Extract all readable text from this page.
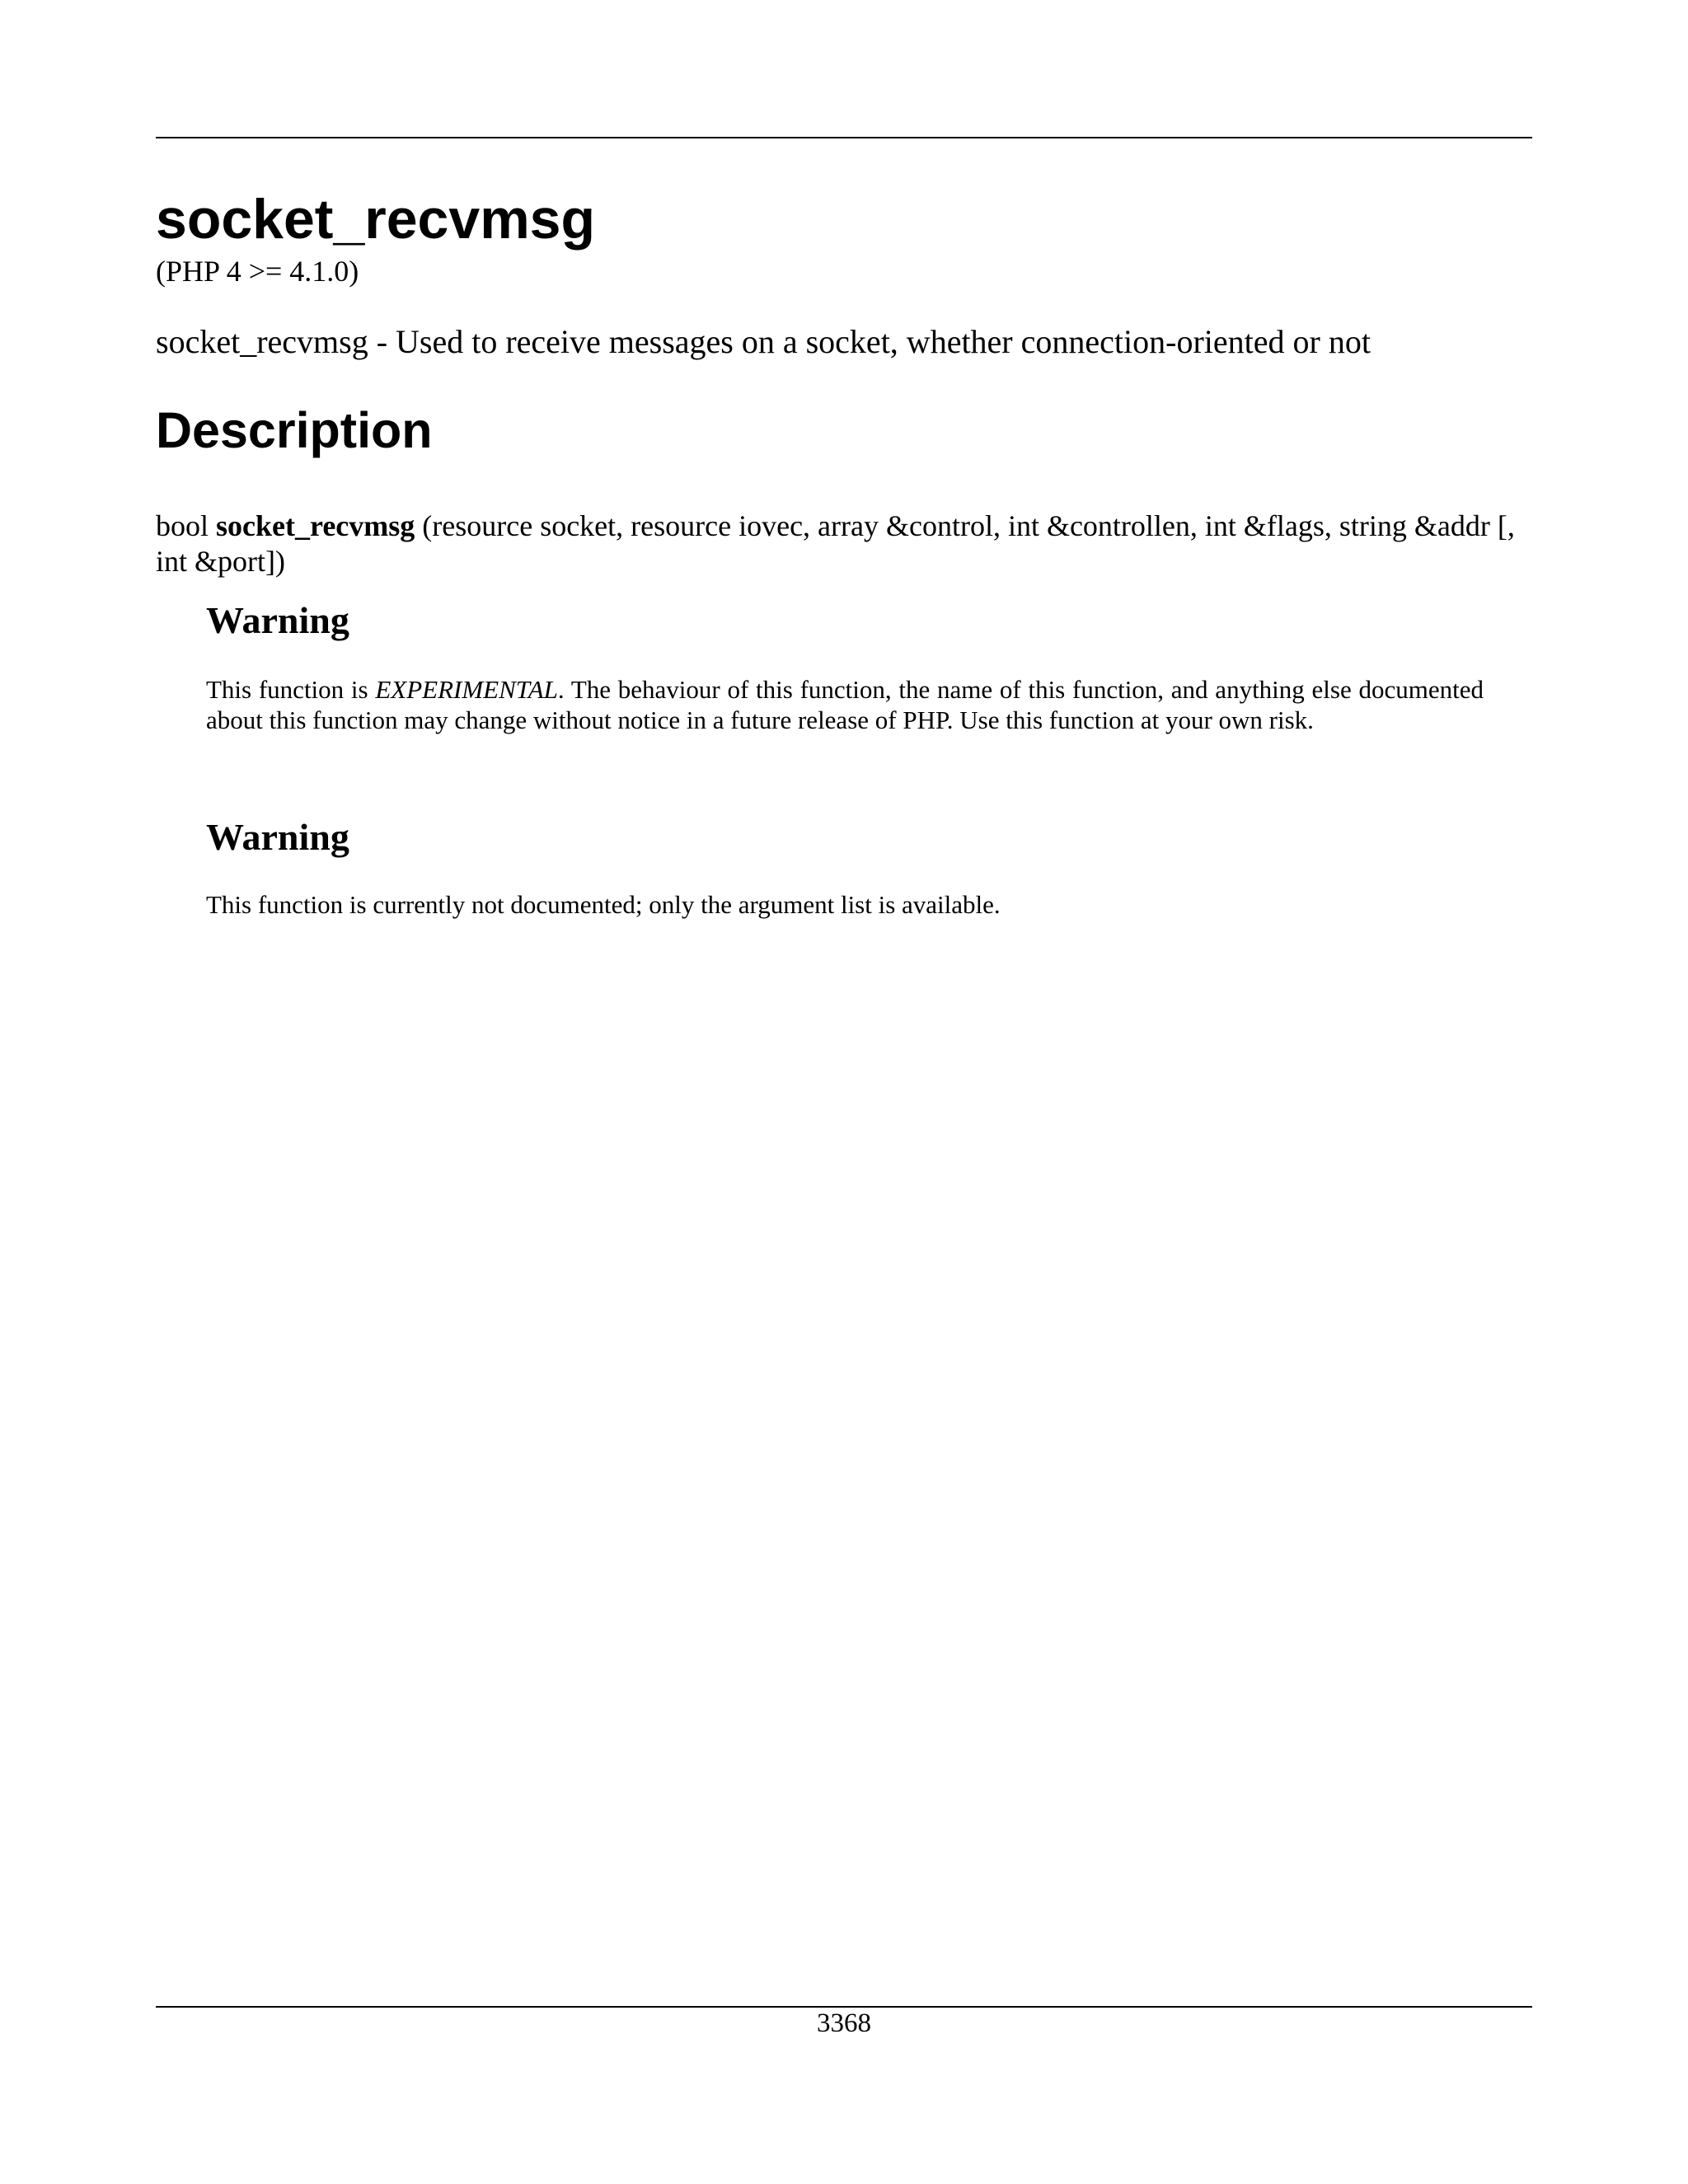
socket_recvmsg
(PHP 4 >= 4.1.0)
socket_recvmsg - Used to receive messages on a socket, whether connection-oriented or not
Description

bool socket_recvmsg (resource socket, resource iovec, array &control, int &controllen, int &flags, string &addr [, int &port])

Warning

This function is EXPERIMENTAL. The behaviour of this function, the name of this function, and anything else documented about this function may change without notice in a future release of PHP. Use this function at your own risk.

Warning

This function is currently not documented; only the argument list is available.

3368
